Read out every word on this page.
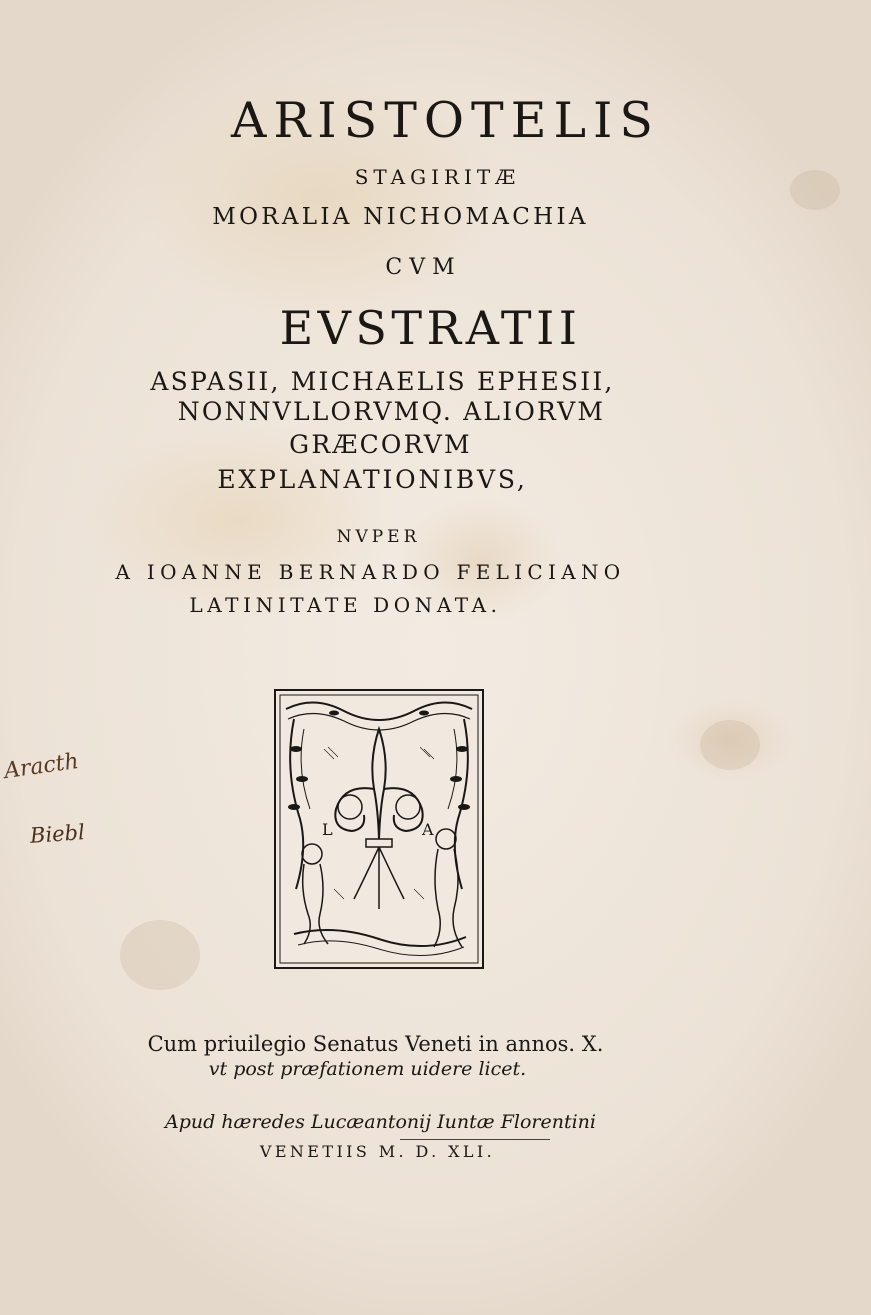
ARISTOTELIS
STAGIRITÆ
MORALIA NICHOMACHIA
CVM
EVSTRATII
ASPASII, MICHAELIS EPHESII,
NONNVLLORVMQ. ALIORVM
GRÆCORVM
EXPLANATIONIBVS,
NVPER
A IOANNE BERNARDO FELICIANO
LATINITATE DONATA.
L	A
Aracth
Biebl
Cum priuilegio Senatus Veneti in annos. X.
vt post præfationem uidere licet.
Apud hæredes Lucæantonij Iuntæ Florentini
VENETIIS M. D. XLI.
